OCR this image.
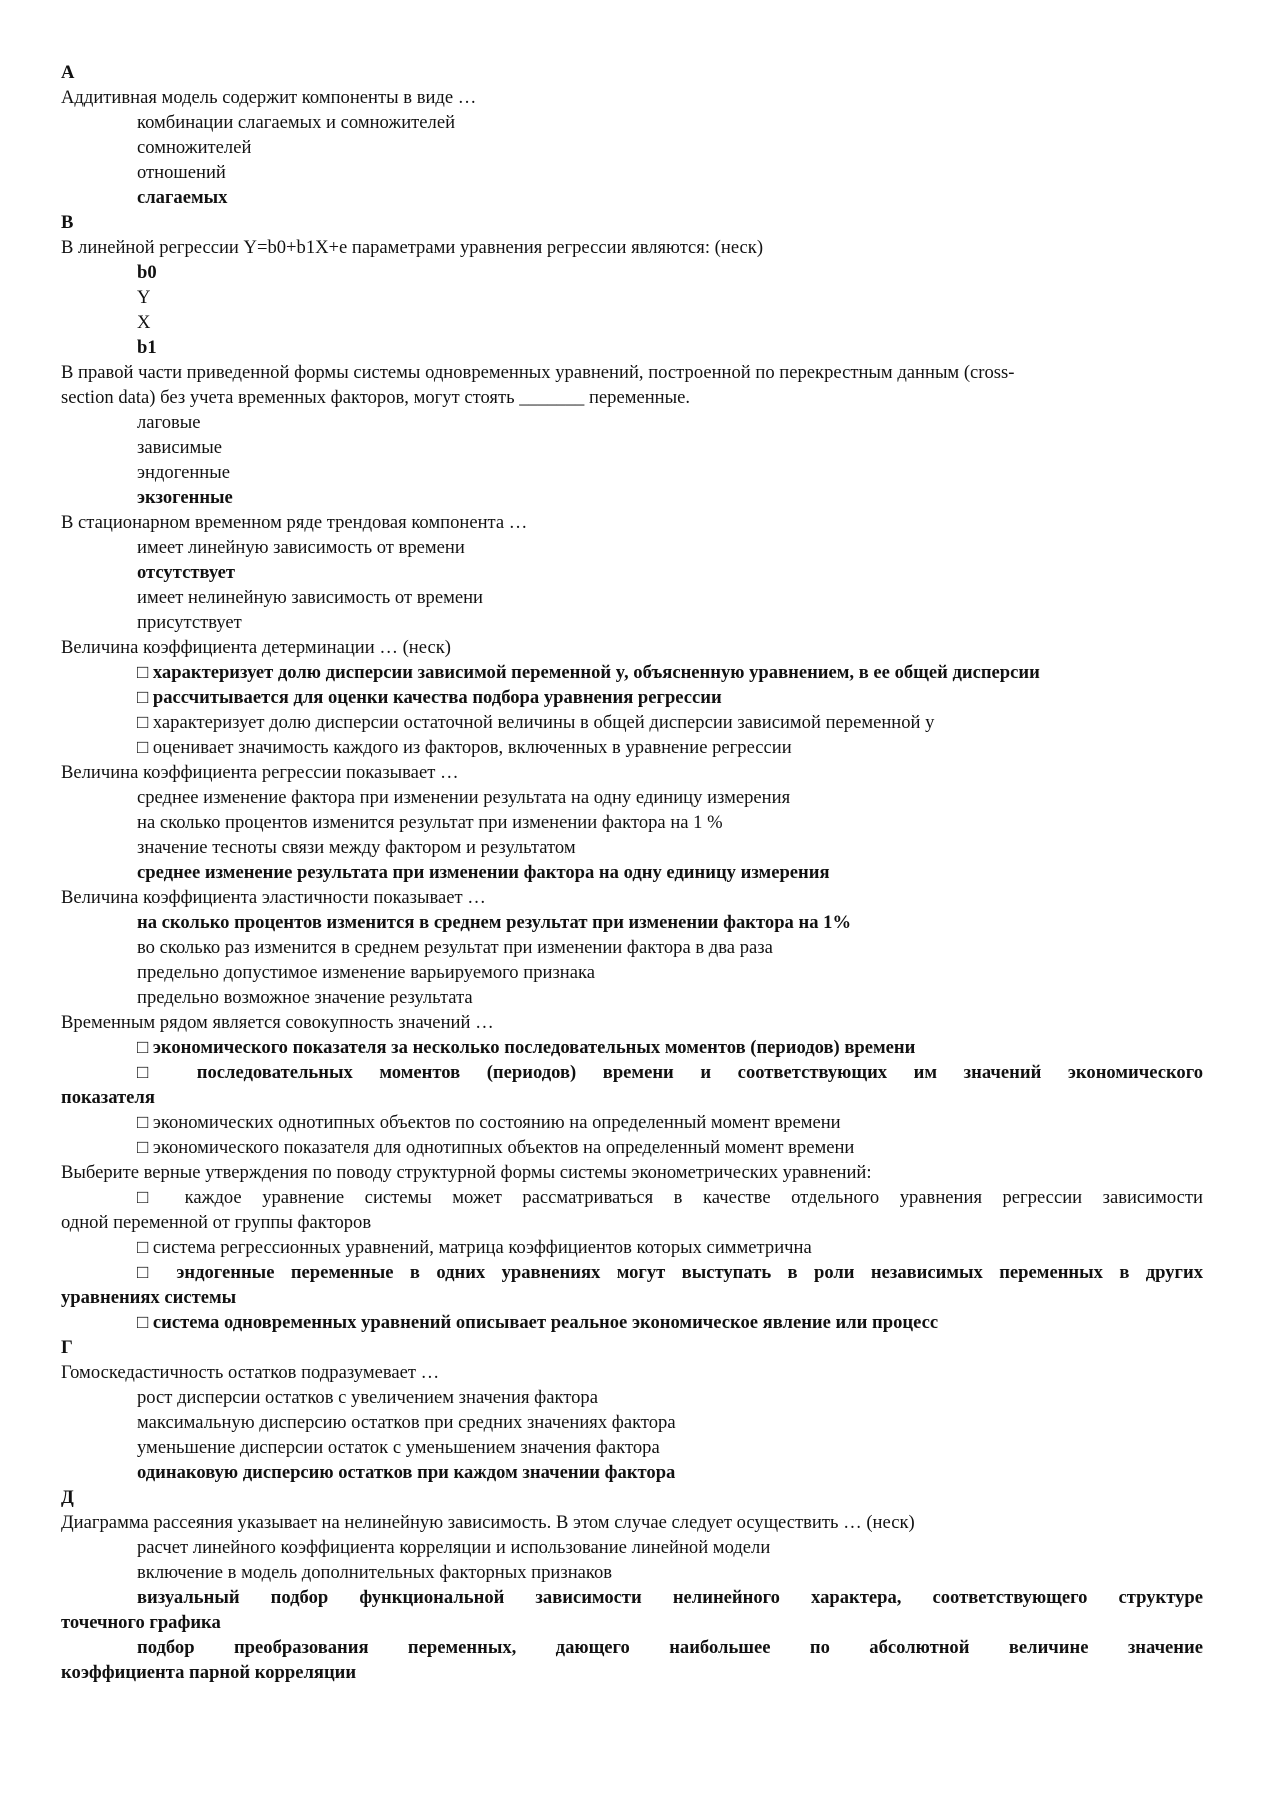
А
Аддитивная модель содержит компоненты в виде …
комбинации слагаемых и сомножителей
сомножителей
отношений
слагаемых
В
В линейной регрессии Y=b0+b1X+e параметрами уравнения регрессии являются: (неск)
b0
Y
X
b1
В правой части приведенной формы системы одновременных уравнений, построенной по перекрестным данным (cross-
section data) без учета временных факторов, могут стоять _______ переменные.
лаговые
зависимые
эндогенные
экзогенные
В стационарном временном ряде трендовая компонента …
имеет линейную зависимость от времени
отсутствует
имеет нелинейную зависимость от времени
присутствует
Величина коэффициента детерминации … (неск)
□ характеризует долю дисперсии зависимой переменной y, объясненную уравнением, в ее общей дисперсии
□ рассчитывается для оценки качества подбора уравнения регрессии
□ характеризует долю дисперсии остаточной величины в общей дисперсии зависимой переменной y
□ оценивает значимость каждого из факторов, включенных в уравнение регрессии
Величина коэффициента регрессии показывает …
среднее изменение фактора при изменении результата на одну единицу измерения
на сколько процентов изменится результат при изменении фактора на 1 %
значение тесноты связи между фактором и результатом
среднее изменение результата при изменении фактора на одну единицу измерения
Величина коэффициента эластичности показывает …
на сколько процентов изменится в среднем результат при изменении фактора на 1%
во сколько раз изменится в среднем результат при изменении фактора в два раза
предельно допустимое изменение варьируемого признака
предельно возможное значение результата
Временным рядом является совокупность значений …
□ экономического показателя за несколько последовательных моментов (периодов) времени
□ последовательных моментов (периодов) времени и соответствующих им значений экономического
показателя
□ экономических однотипных объектов по состоянию на определенный момент времени
□ экономического показателя для однотипных объектов на определенный момент времени
Выберите верные утверждения по поводу структурной формы системы эконометрических уравнений:
□ каждое уравнение системы может рассматриваться в качестве отдельного уравнения регрессии зависимости
одной переменной от группы факторов
□ система регрессионных уравнений, матрица коэффициентов которых симметрична
□ эндогенные переменные в одних уравнениях могут выступать в роли независимых переменных в других
уравнениях системы
□ система одновременных уравнений описывает реальное экономическое явление или процесс
Г
Гомоскедастичность остатков подразумевает …
рост дисперсии остатков с увеличением значения фактора
максимальную дисперсию остатков при средних значениях фактора
уменьшение дисперсии остаток с уменьшением значения фактора
одинаковую дисперсию остатков при каждом значении фактора
Д
Диаграмма рассеяния указывает на нелинейную зависимость. В этом случае следует осуществить … (неск)
расчет линейного коэффициента корреляции и использование линейной модели
включение в модель дополнительных факторных признаков
визуальный подбор функциональной зависимости нелинейного характера, соответствующего структуре
точечного графика
подбор преобразования переменных, дающего наибольшее по абсолютной величине значение
коэффициента парной корреляции
